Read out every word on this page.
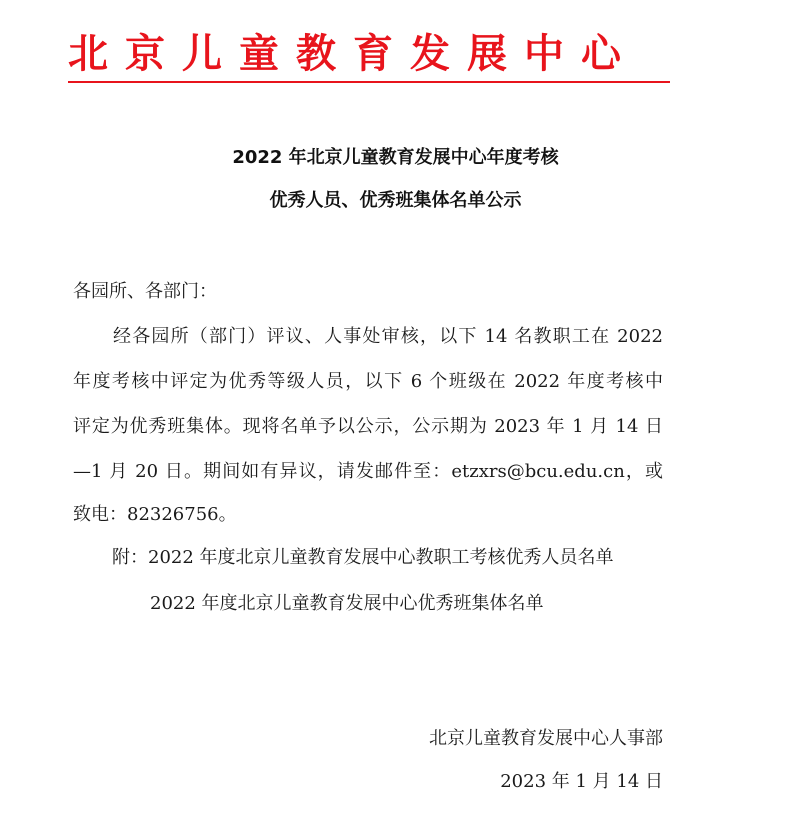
北京儿童教育发展中心
2022 年北京儿童教育发展中心年度考核
优秀人员、优秀班集体名单公示
各园所、各部门：
经各园所（部门）评议、人事处审核，以下 14 名教职工在 2022
年度考核中评定为优秀等级人员，以下 6 个班级在 2022 年度考核中
评定为优秀班集体。现将名单予以公示，公示期为 2023 年 1 月 14 日
—1 月 20 日。期间如有异议，请发邮件至：etzxrs@bcu.edu.cn，或
致电：82326756。
附：2022 年度北京儿童教育发展中心教职工考核优秀人员名单
2022 年度北京儿童教育发展中心优秀班集体名单
北京儿童教育发展中心人事部
2023 年 1 月 14 日
